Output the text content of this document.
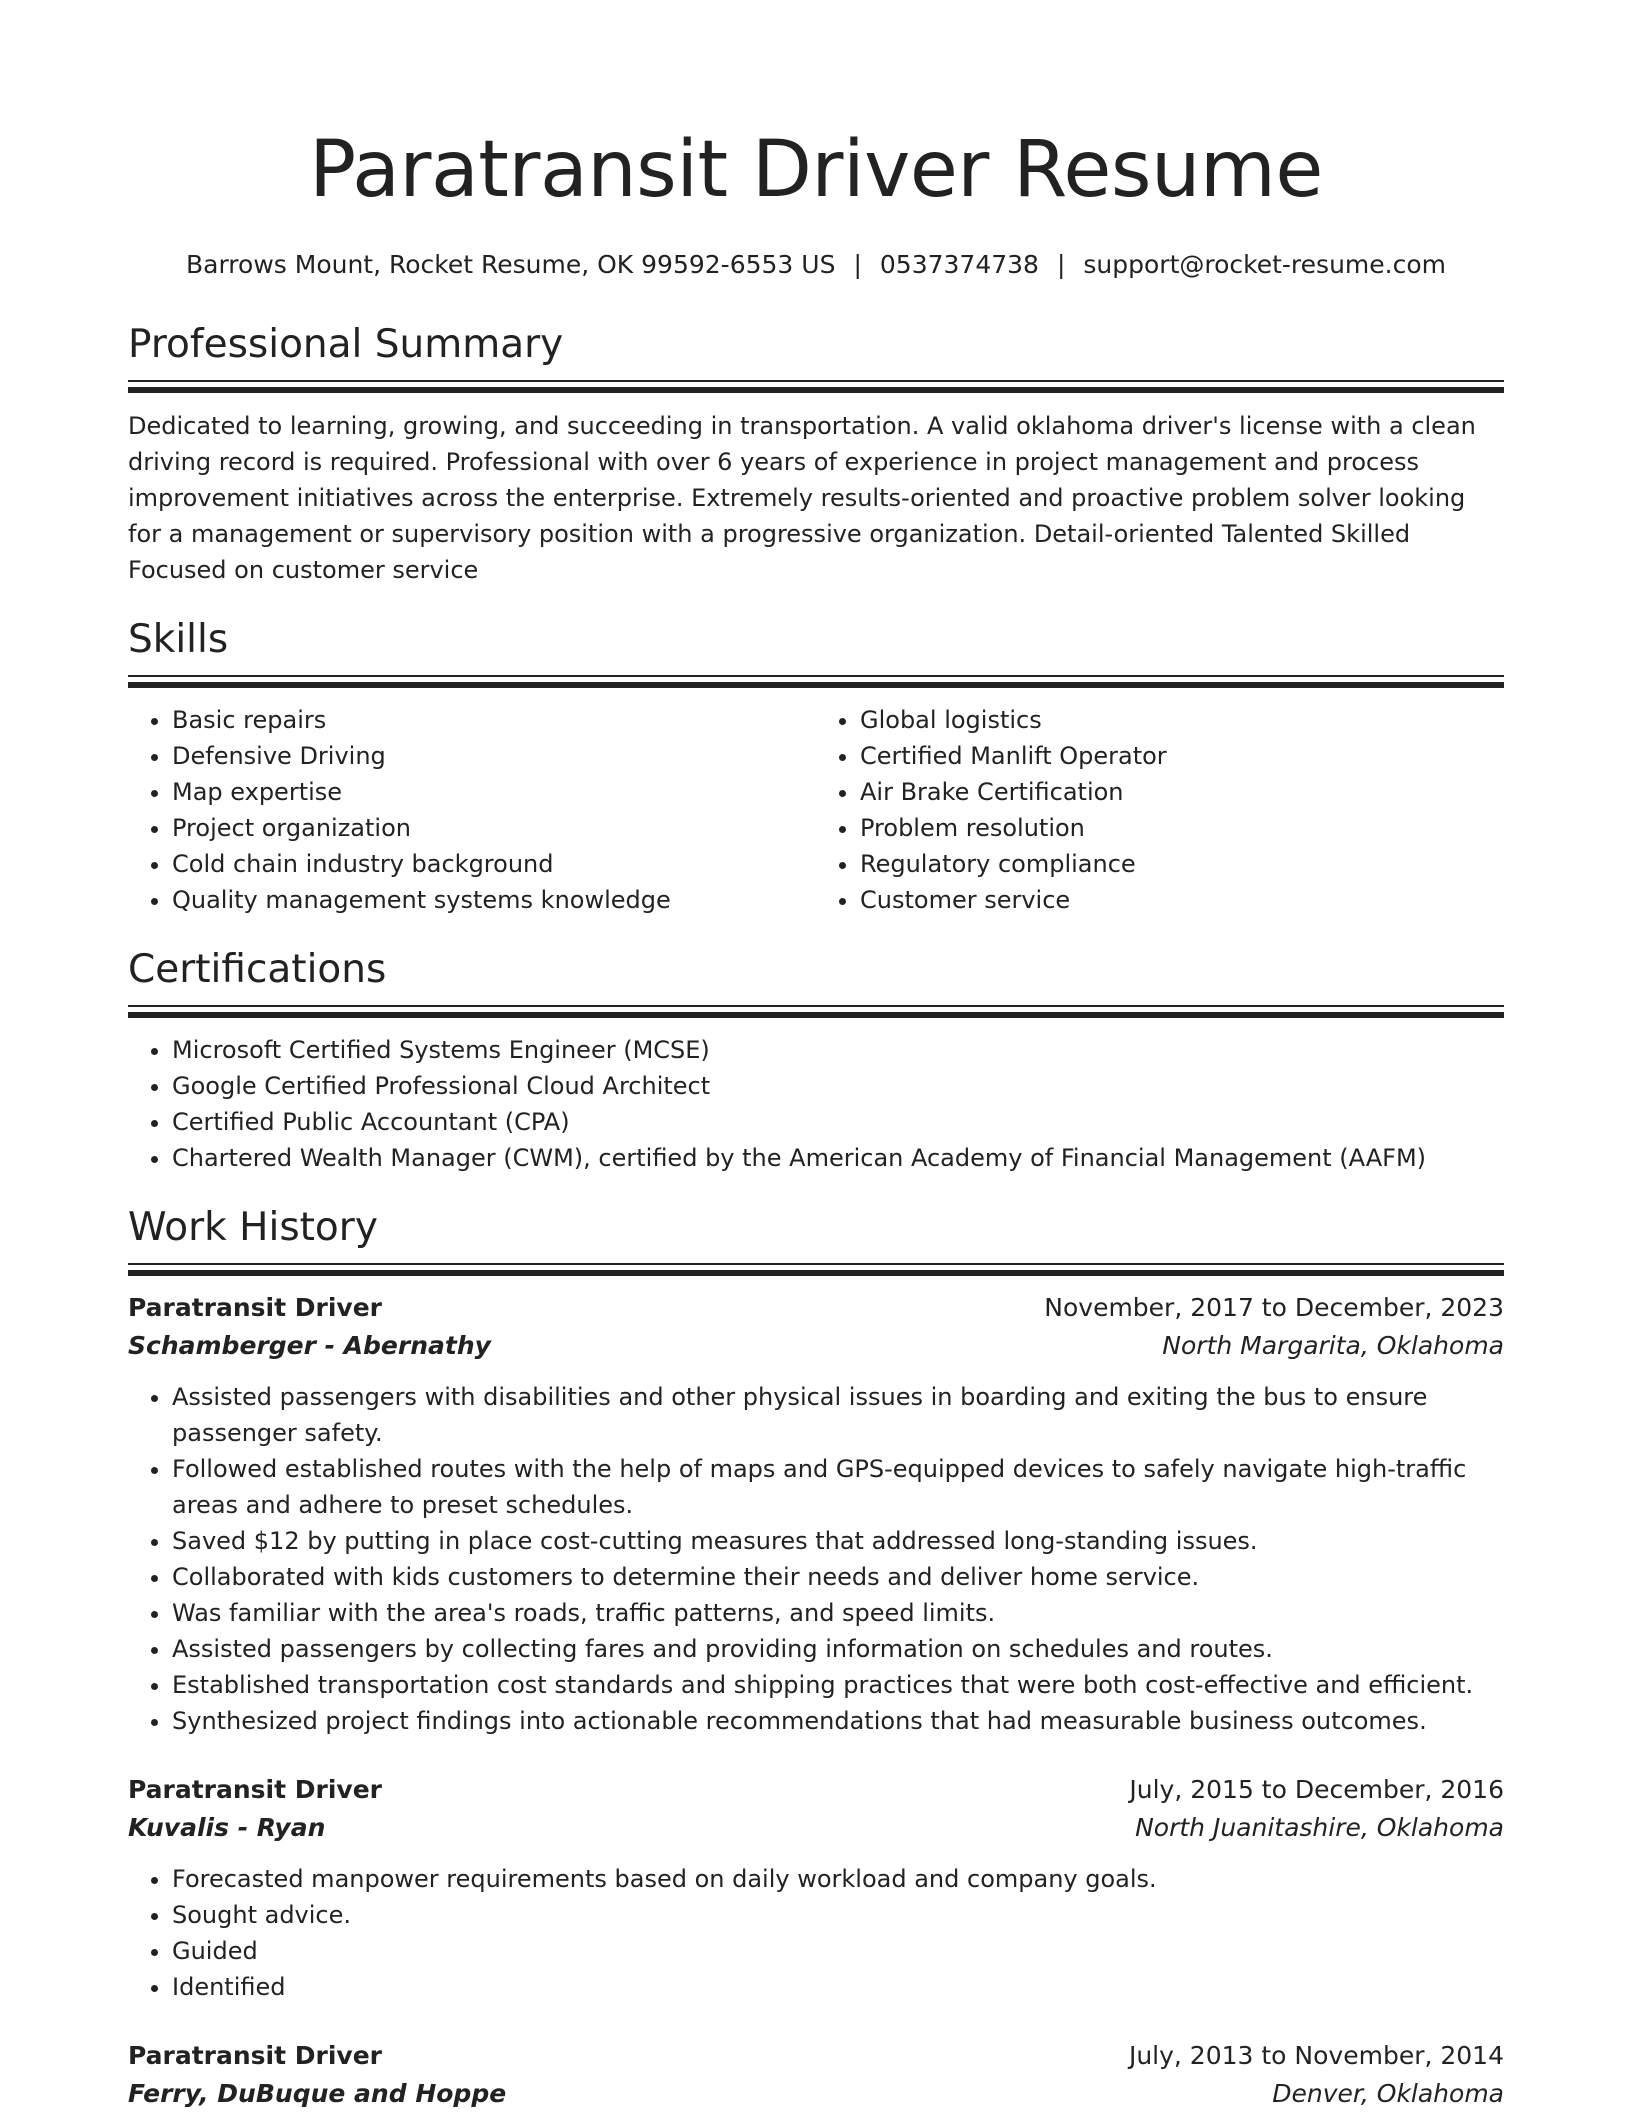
Paratransit Driver Resume
Barrows Mount, Rocket Resume, OK 99592-6553 US | 0537374738 | support@rocket-resume.com
Professional Summary

Dedicated to learning, growing, and succeeding in transportation. A valid oklahoma driver's license with a clean driving record is required. Professional with over 6 years of experience in project management and process improvement initiatives across the enterprise. Extremely results-oriented and proactive problem solver looking for a management or supervisory position with a progressive organization. Detail-oriented Talented Skilled Focused on customer service

Skills
• Basic repairs
• Defensive Driving
• Map expertise
• Project organization
• Cold chain industry background
• Quality management systems knowledge
• Global logistics
• Certified Manlift Operator
• Air Brake Certification
• Problem resolution
• Regulatory compliance
• Customer service
Certifications
• Microsoft Certified Systems Engineer (MCSE)
• Google Certified Professional Cloud Architect
• Certified Public Accountant (CPA)
• Chartered Wealth Manager (CWM), certified by the American Academy of Financial Management (AAFM)
Work History
Paratransit Driver	November, 2017 to December, 2023
Schamberger - Abernathy	North Margarita, Oklahoma
• Assisted passengers with disabilities and other physical issues in boarding and exiting the bus to ensure passenger safety.
• Followed established routes with the help of maps and GPS-equipped devices to safely navigate high-traffic areas and adhere to preset schedules.
• Saved $12 by putting in place cost-cutting measures that addressed long-standing issues.
• Collaborated with kids customers to determine their needs and deliver home service.
• Was familiar with the area's roads, traffic patterns, and speed limits.
• Assisted passengers by collecting fares and providing information on schedules and routes.
• Established transportation cost standards and shipping practices that were both cost-effective and efficient.
• Synthesized project findings into actionable recommendations that had measurable business outcomes.
Paratransit Driver	July, 2015 to December, 2016
Kuvalis - Ryan	North Juanitashire, Oklahoma
• Forecasted manpower requirements based on daily workload and company goals.
• Sought advice.
• Guided
• Identified
Paratransit Driver	July, 2013 to November, 2014
Ferry, DuBuque and Hoppe	Denver, Oklahoma
